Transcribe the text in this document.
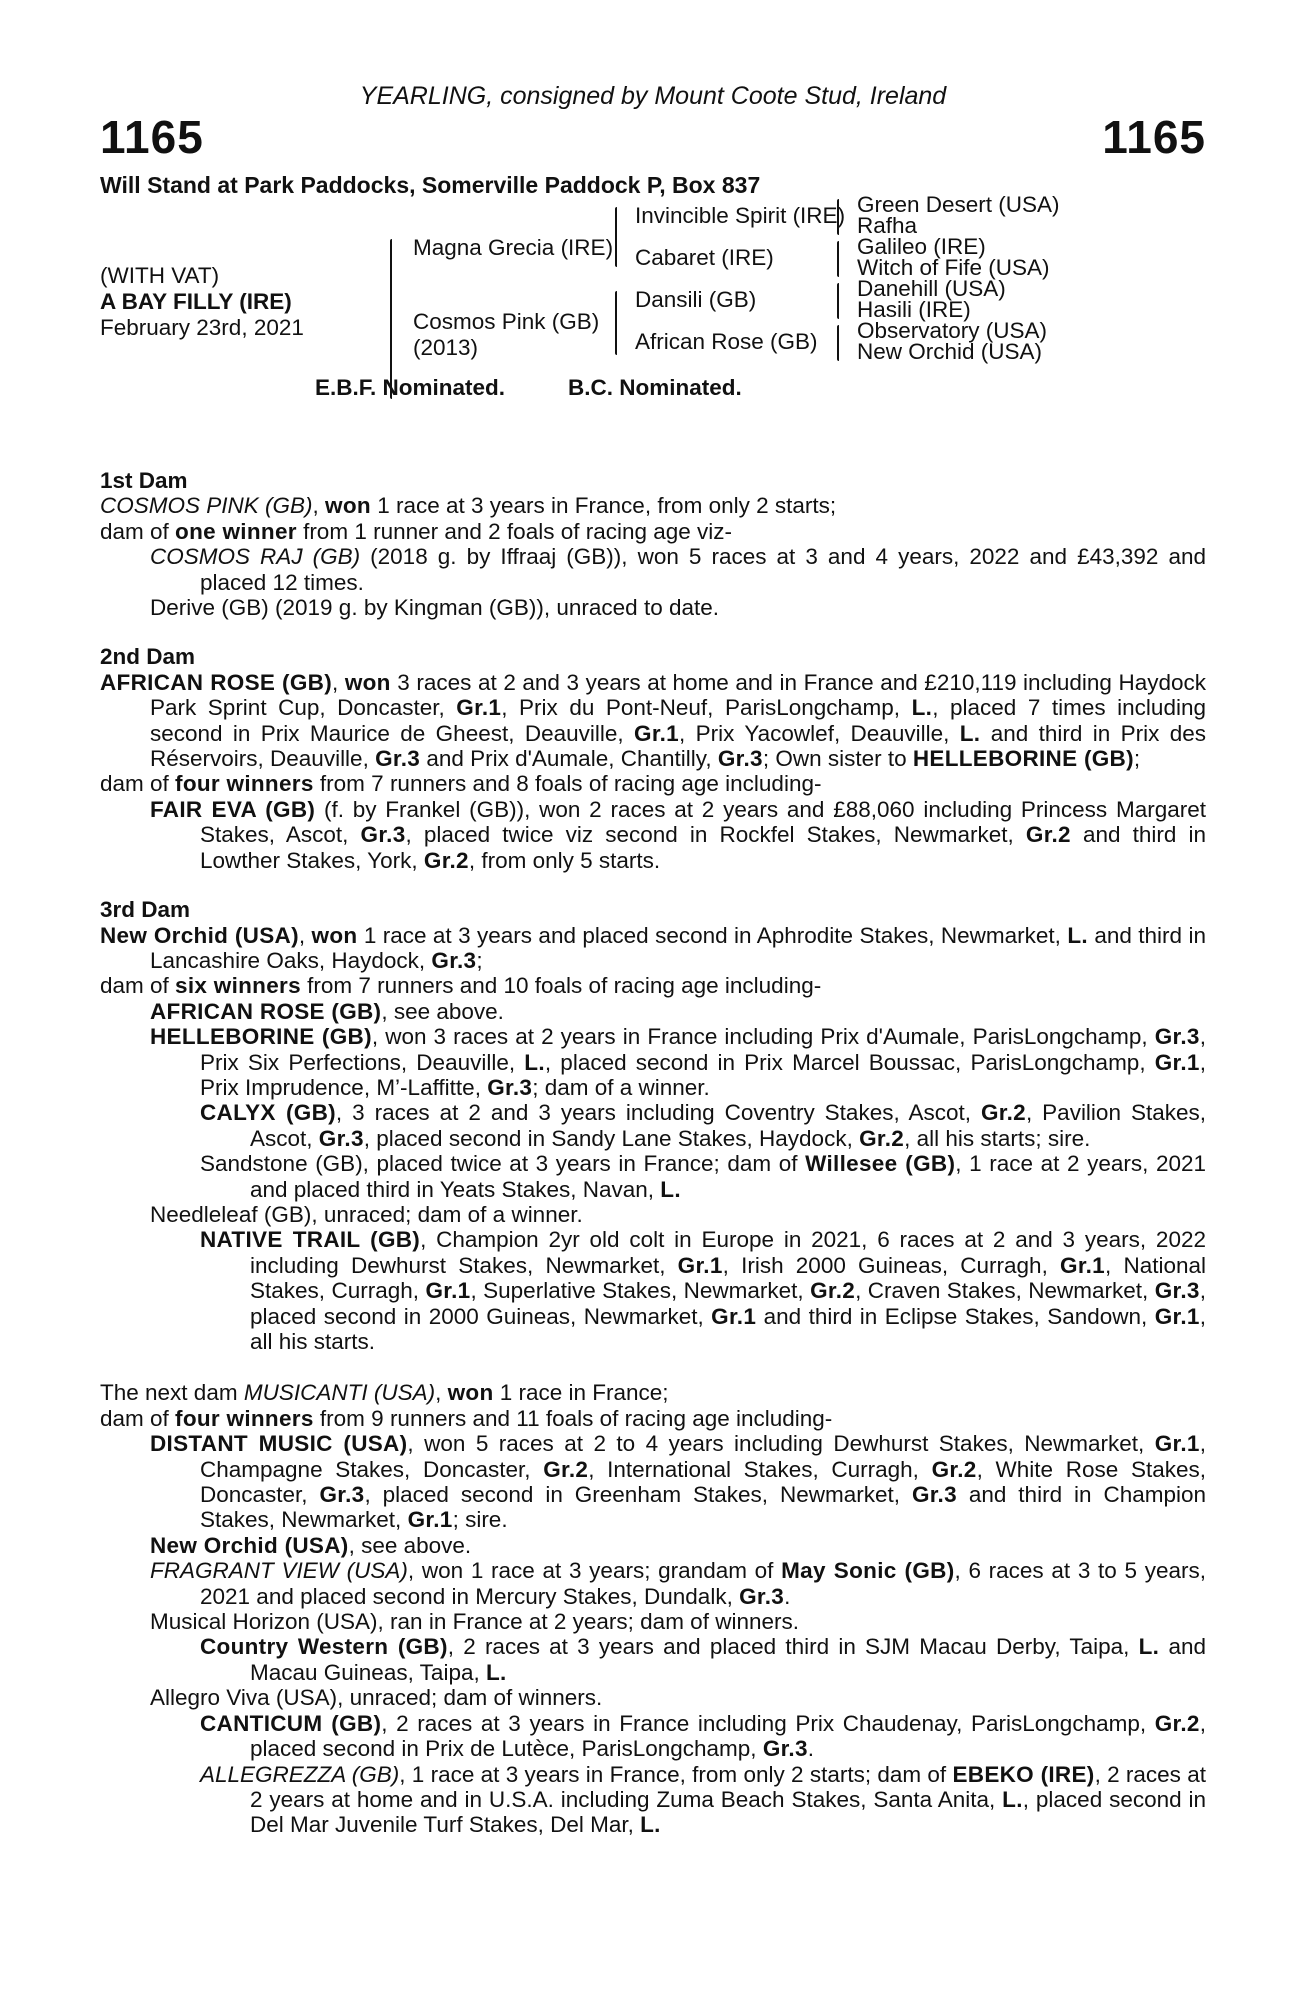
YEARLING, consigned by Mount Coote Stud, Ireland
1165	1165
Will Stand at Park Paddocks, Somerville Paddock P, Box 837
(WITH VAT)
A BAY FILLY (IRE)
February 23rd, 2021
Magna Grecia (IRE)
Cosmos Pink (GB)
(2013)
Invincible Spirit (IRE)
Cabaret (IRE)
Dansili (GB)
African Rose (GB)
Green Desert (USA)
Rafha
Galileo (IRE)
Witch of Fife (USA)
Danehill (USA)
Hasili (IRE)
Observatory (USA)
New Orchid (USA)
E.B.F. Nominated.	B.C. Nominated.

1st Dam

COSMOS PINK (GB), won 1 race at 3 years in France, from only 2 starts;

dam of one winner from 1 runner and 2 foals of racing age viz-

COSMOS RAJ (GB) (2018 g. by Iffraaj (GB)), won 5 races at 3 and 4 years, 2022 and £43,392 and placed 12 times.

Derive (GB) (2019 g. by Kingman (GB)), unraced to date.

2nd Dam

AFRICAN ROSE (GB), won 3 races at 2 and 3 years at home and in France and £210,119 including Haydock Park Sprint Cup, Doncaster, Gr.1, Prix du Pont-Neuf, ParisLongchamp, L., placed 7 times including second in Prix Maurice de Gheest, Deauville, Gr.1, Prix Yacowlef, Deauville, L. and third in Prix des Réservoirs, Deauville, Gr.3 and Prix d'Aumale, Chantilly, Gr.3; Own sister to HELLEBORINE (GB);

dam of four winners from 7 runners and 8 foals of racing age including-

FAIR EVA (GB) (f. by Frankel (GB)), won 2 races at 2 years and £88,060 including Princess Margaret Stakes, Ascot, Gr.3, placed twice viz second in Rockfel Stakes, Newmarket, Gr.2 and third in Lowther Stakes, York, Gr.2, from only 5 starts.

3rd Dam

New Orchid (USA), won 1 race at 3 years and placed second in Aphrodite Stakes, Newmarket, L. and third in Lancashire Oaks, Haydock, Gr.3;

dam of six winners from 7 runners and 10 foals of racing age including-

AFRICAN ROSE (GB), see above.

HELLEBORINE (GB), won 3 races at 2 years in France including Prix d'Aumale, ParisLongchamp, Gr.3, Prix Six Perfections, Deauville, L., placed second in Prix Marcel Boussac, ParisLongchamp, Gr.1, Prix Imprudence, M’-Laffitte, Gr.3; dam of a winner.

CALYX (GB), 3 races at 2 and 3 years including Coventry Stakes, Ascot, Gr.2, Pavilion Stakes, Ascot, Gr.3, placed second in Sandy Lane Stakes, Haydock, Gr.2, all his starts; sire.

Sandstone (GB), placed twice at 3 years in France; dam of Willesee (GB), 1 race at 2 years, 2021 and placed third in Yeats Stakes, Navan, L.

Needleleaf (GB), unraced; dam of a winner.

NATIVE TRAIL (GB), Champion 2yr old colt in Europe in 2021, 6 races at 2 and 3 years, 2022 including Dewhurst Stakes, Newmarket, Gr.1, Irish 2000 Guineas, Curragh, Gr.1, National Stakes, Curragh, Gr.1, Superlative Stakes, Newmarket, Gr.2, Craven Stakes, Newmarket, Gr.3, placed second in 2000 Guineas, Newmarket, Gr.1 and third in Eclipse Stakes, Sandown, Gr.1, all his starts.

The next dam MUSICANTI (USA), won 1 race in France;

dam of four winners from 9 runners and 11 foals of racing age including-

DISTANT MUSIC (USA), won 5 races at 2 to 4 years including Dewhurst Stakes, Newmarket, Gr.1, Champagne Stakes, Doncaster, Gr.2, International Stakes, Curragh, Gr.2, White Rose Stakes, Doncaster, Gr.3, placed second in Greenham Stakes, Newmarket, Gr.3 and third in Champion Stakes, Newmarket, Gr.1; sire.

New Orchid (USA), see above.

FRAGRANT VIEW (USA), won 1 race at 3 years; grandam of May Sonic (GB), 6 races at 3 to 5 years, 2021 and placed second in Mercury Stakes, Dundalk, Gr.3.

Musical Horizon (USA), ran in France at 2 years; dam of winners.

Country Western (GB), 2 races at 3 years and placed third in SJM Macau Derby, Taipa, L. and Macau Guineas, Taipa, L.

Allegro Viva (USA), unraced; dam of winners.

CANTICUM (GB), 2 races at 3 years in France including Prix Chaudenay, ParisLongchamp, Gr.2, placed second in Prix de Lutèce, ParisLongchamp, Gr.3.

ALLEGREZZA (GB), 1 race at 3 years in France, from only 2 starts; dam of EBEKO (IRE), 2 races at 2 years at home and in U.S.A. including Zuma Beach Stakes, Santa Anita, L., placed second in Del Mar Juvenile Turf Stakes, Del Mar, L.
